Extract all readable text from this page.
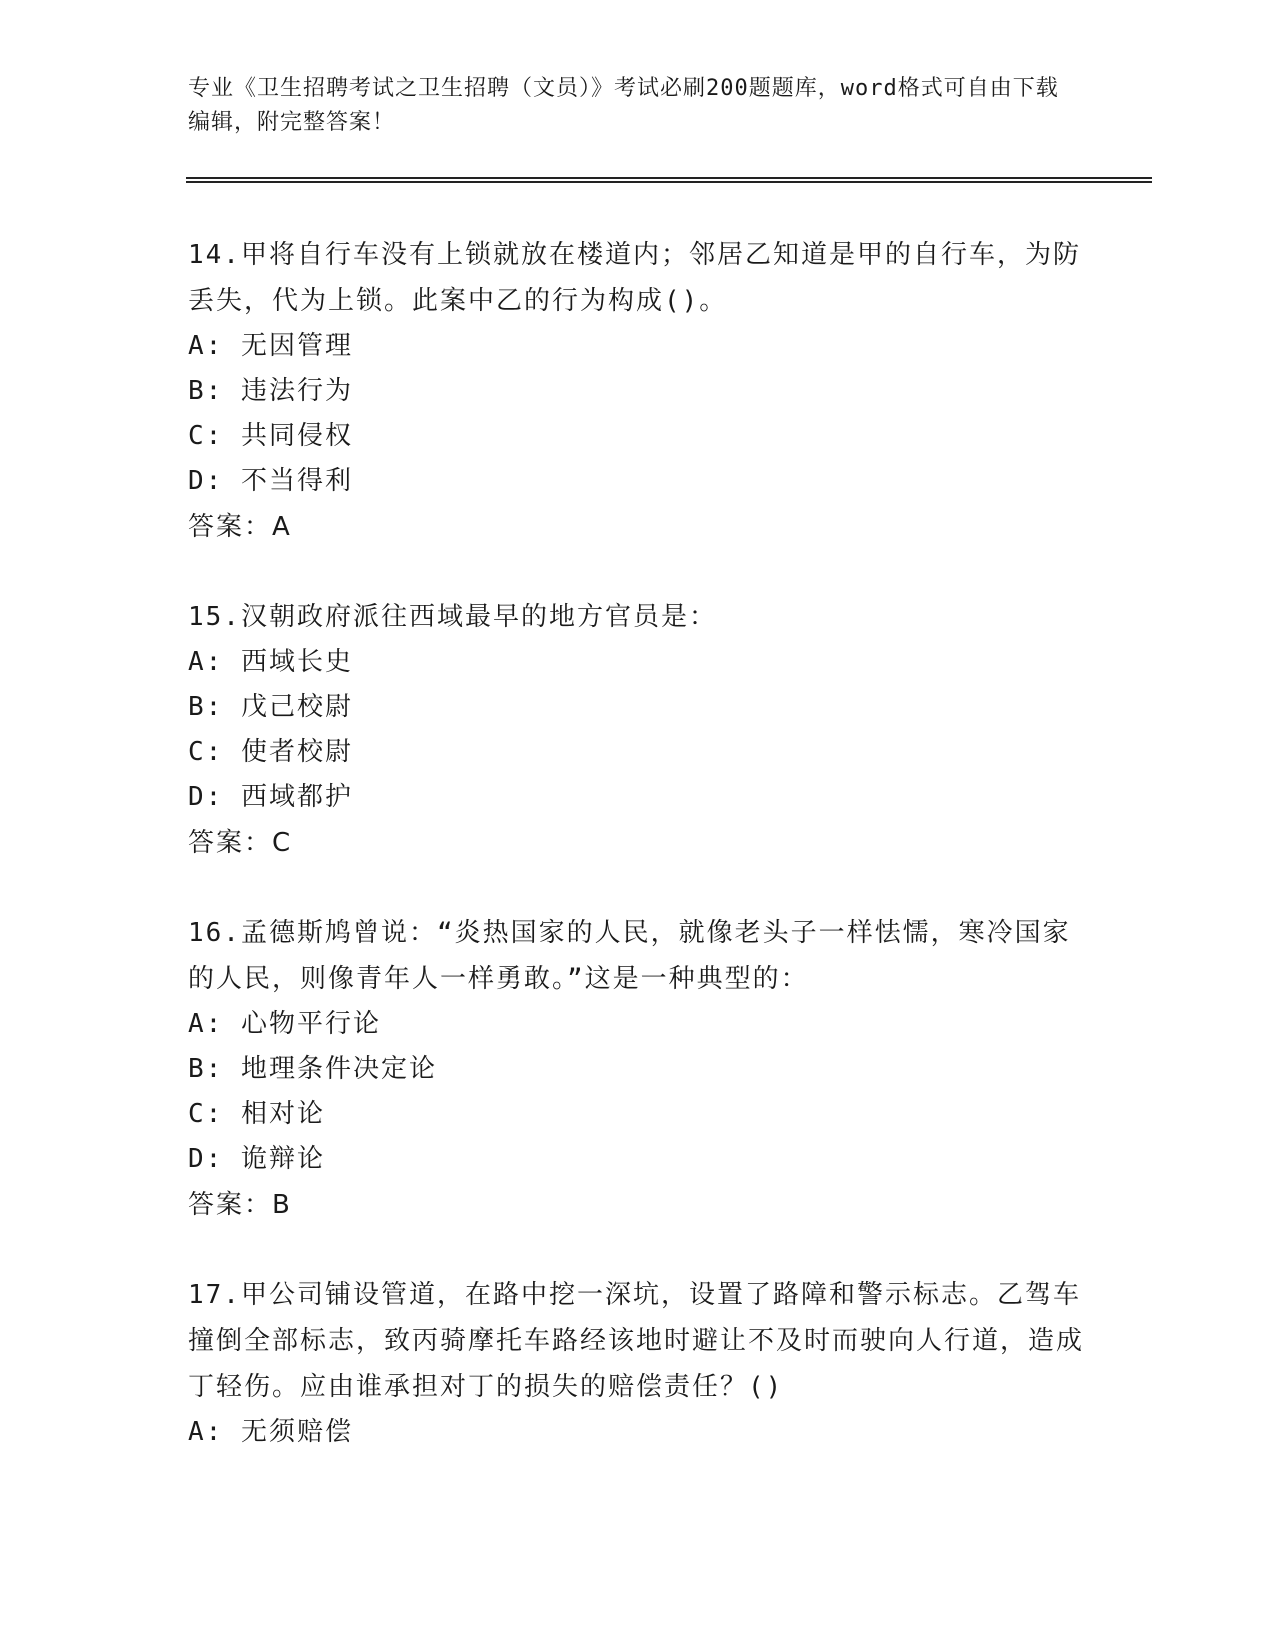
专业《卫生招聘考试之卫生招聘（文员）》考试必刷200题题库，word格式可自由下载编辑，附完整答案！

14.甲将自行车没有上锁就放在楼道内；邻居乙知道是甲的自行车，为防丢失，代为上锁。此案中乙的行为构成()。

A: 无因管理

B: 违法行为

C: 共同侵权

D: 不当得利

答案：A

15.汉朝政府派往西域最早的地方官员是：

A: 西域长史

B: 戊己校尉

C: 使者校尉

D: 西域都护

答案：C

16.孟德斯鸠曾说：“炎热国家的人民，就像老头子一样怯懦，寒冷国家的人民，则像青年人一样勇敢。”这是一种典型的：

A: 心物平行论

B: 地理条件决定论

C: 相对论

D: 诡辩论

答案：B

17.甲公司铺设管道，在路中挖一深坑，设置了路障和警示标志。乙驾车撞倒全部标志，致丙骑摩托车路经该地时避让不及时而驶向人行道，造成丁轻伤。应由谁承担对丁的损失的赔偿责任？()

A: 无须赔偿
